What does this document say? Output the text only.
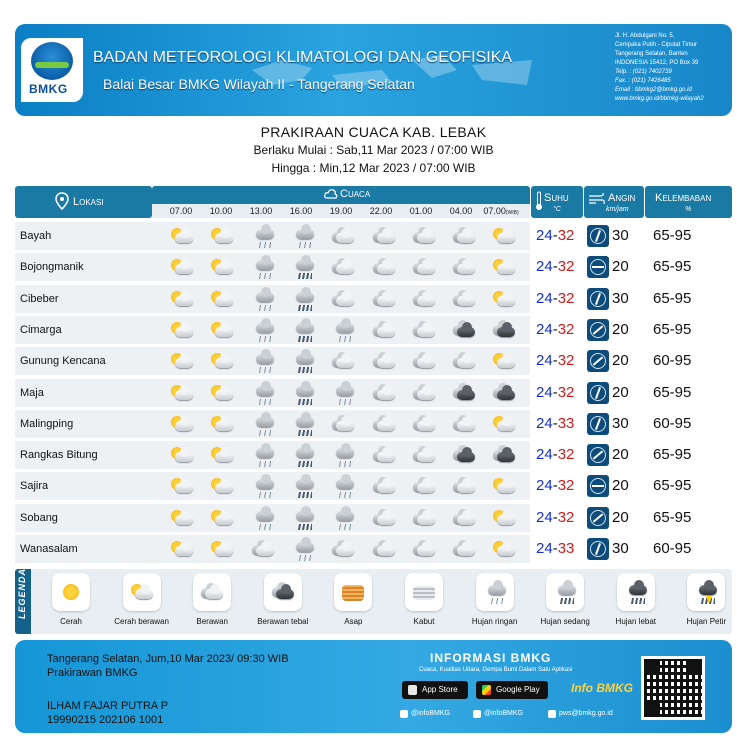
BMKG
BADAN METEOROLOGI KLIMATOLOGI DAN GEOFISIKA
Balai Besar BMKG Wilayah II - Tangerang Selatan
Jl. H. Abdulgani No. 5,
Cempaka Putih - Ciputat Timur
Tangerang Selatan, Banten
INDONESIA 15412, PO Box 39
Telp. : (021) 7402739
Fax. : (021) 7426485
Email : bbmkg2@bmkg.go.id
www.bmkg.go.id/bbmkg-wilayah2
PRAKIRAAN CUACA KAB. LEBAK
Berlaku Mulai : Sab,11 Mar 2023 / 07:00 WIB
Hingga : Min,12 Mar 2023 / 07:00 WIB
Lokasi
Cuaca
07.00	10.00	13.00	16.00	19.00	22.00	01.00	04.00	07.00(WIB)
Suhu
°C
Angin
km/jam
Kelembaban
%
Bayah	24-32	30 65-95
Bojongmanik	24-32	20 65-95
Cibeber	24-32	30 65-95
Cimarga	24-32	20 65-95
Gunung Kencana	24-32	20 60-95
Maja	24-32	20 65-95
Malingping	24-33	30 60-95
Rangkas Bitung	24-32	20 65-95
Sajira	24-32	20 65-95
Sobang	24-32	20 65-95
Wanasalam	24-33	30 60-95
LEGENDA
Cerah	Cerah berawan	Berawan	Berawan tebal	Asap	Kabut	Hujan ringan	Hujan sedang	Hujan lebat	Hujan Petir
Tangerang Selatan, Jum,10 Mar 2023/ 09:30 WIB
Prakirawan BMKG
ILHAM FAJAR PUTRA P
19990215 202106 1001
INFORMASI BMKG
Cuaca, Kualitas Udara, Gempa Bumi Dalam Satu Aplikasi
App Store	Google Play	Info BMKG
@infoBMKG	@infoBMKG	pws@bmkg.go.id
